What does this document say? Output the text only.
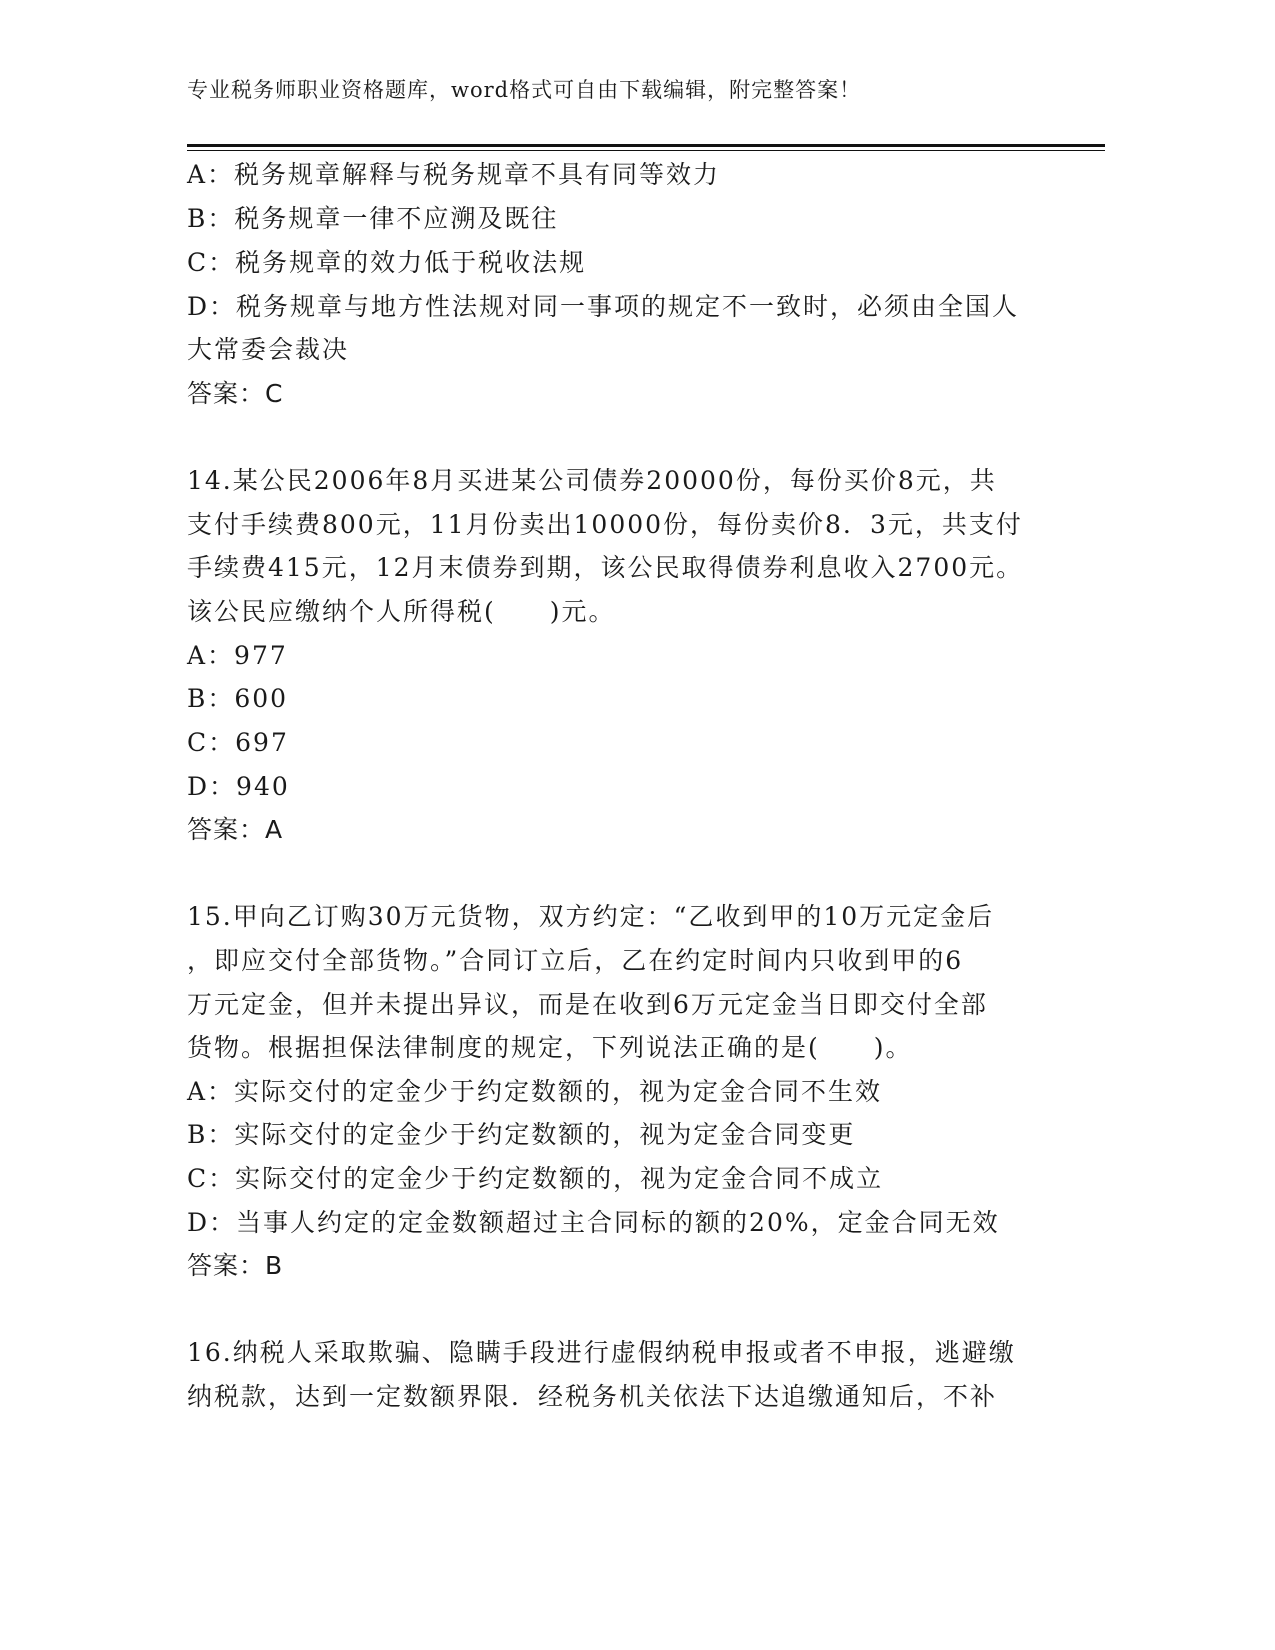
专业税务师职业资格题库，word格式可自由下载编辑，附完整答案！
A：税务规章解释与税务规章不具有同等效力
B：税务规章一律不应溯及既往
C：税务规章的效力低于税收法规
D：税务规章与地方性法规对同一事项的规定不一致时，必须由全国人
大常委会裁决
答案：C
14.某公民2006年8月买进某公司债券20000份，每份买价8元，共
支付手续费800元，11月份卖出10000份，每份卖价8．3元，共支付
手续费415元，12月末债券到期，该公民取得债券利息收入2700元。
该公民应缴纳个人所得税(　　)元。
A：977
B：600
C：697
D：940
答案：A
15.甲向乙订购30万元货物，双方约定：“乙收到甲的10万元定金后
，即应交付全部货物。”合同订立后，乙在约定时间内只收到甲的6
万元定金，但并未提出异议，而是在收到6万元定金当日即交付全部
货物。根据担保法律制度的规定，下列说法正确的是(　　)。
A：实际交付的定金少于约定数额的，视为定金合同不生效
B：实际交付的定金少于约定数额的，视为定金合同变更
C：实际交付的定金少于约定数额的，视为定金合同不成立
D：当事人约定的定金数额超过主合同标的额的20%，定金合同无效
答案：B
16.纳税人采取欺骗、隐瞒手段进行虚假纳税申报或者不申报，逃避缴
纳税款，达到一定数额界限．经税务机关依法下达追缴通知后，不补
